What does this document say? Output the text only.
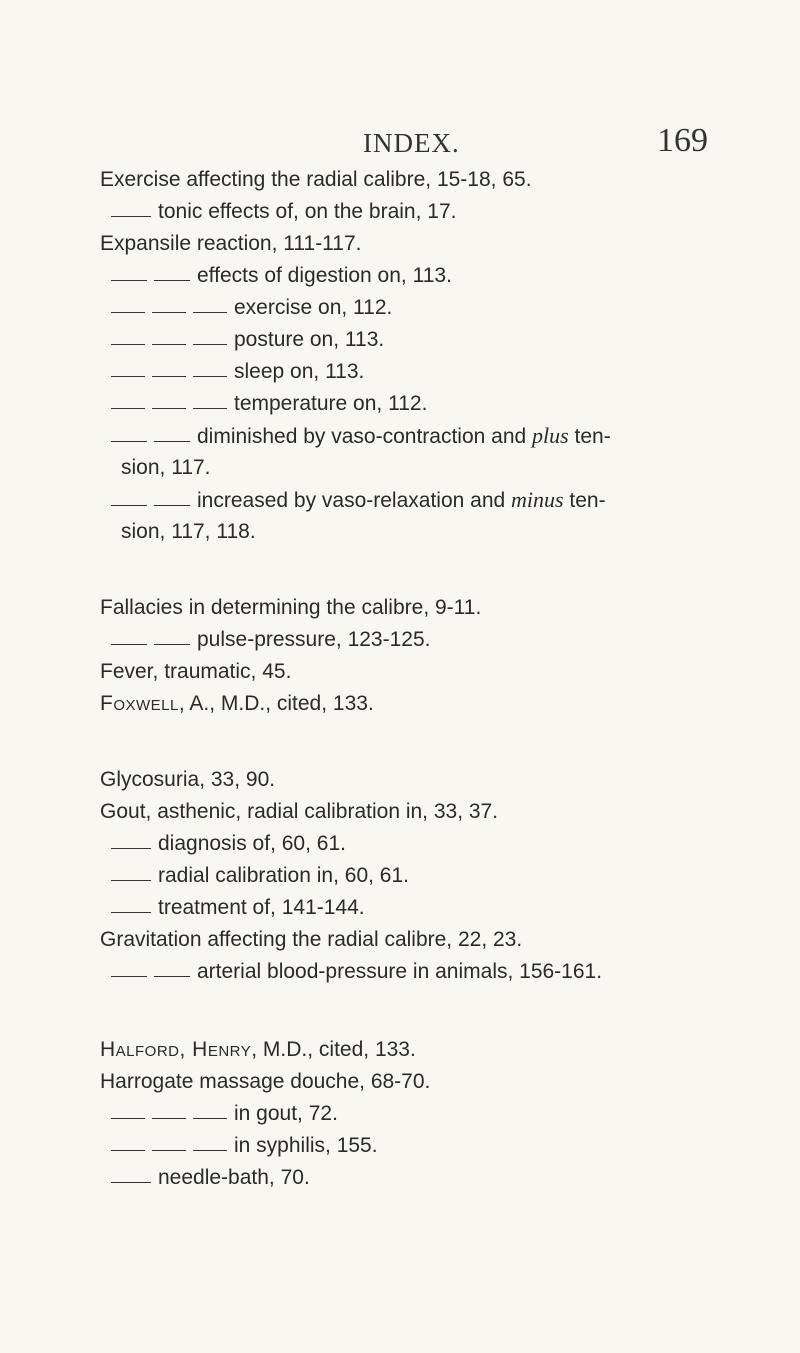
INDEX.	169
Exercise affecting the radial calibre, 15-18, 65.
tonic effects of, on the brain, 17.
Expansile reaction, 111-117.
effects of digestion on, 113.
exercise on, 112.
posture on, 113.
sleep on, 113.
temperature on, 112.
diminished by vaso-contraction and plus ten-
sion, 117.
increased by vaso-relaxation and minus ten-
sion, 117, 118.
Fallacies in determining the calibre, 9-11.
pulse-pressure, 123-125.
Fever, traumatic, 45.
Foxwell, A., M.D., cited, 133.
Glycosuria, 33, 90.
Gout, asthenic, radial calibration in, 33, 37.
diagnosis of, 60, 61.
radial calibration in, 60, 61.
treatment of, 141-144.
Gravitation affecting the radial calibre, 22, 23.
arterial blood-pressure in animals, 156-161.
Halford, Henry, M.D., cited, 133.
Harrogate massage douche, 68-70.
in gout, 72.
in syphilis, 155.
needle-bath, 70.
